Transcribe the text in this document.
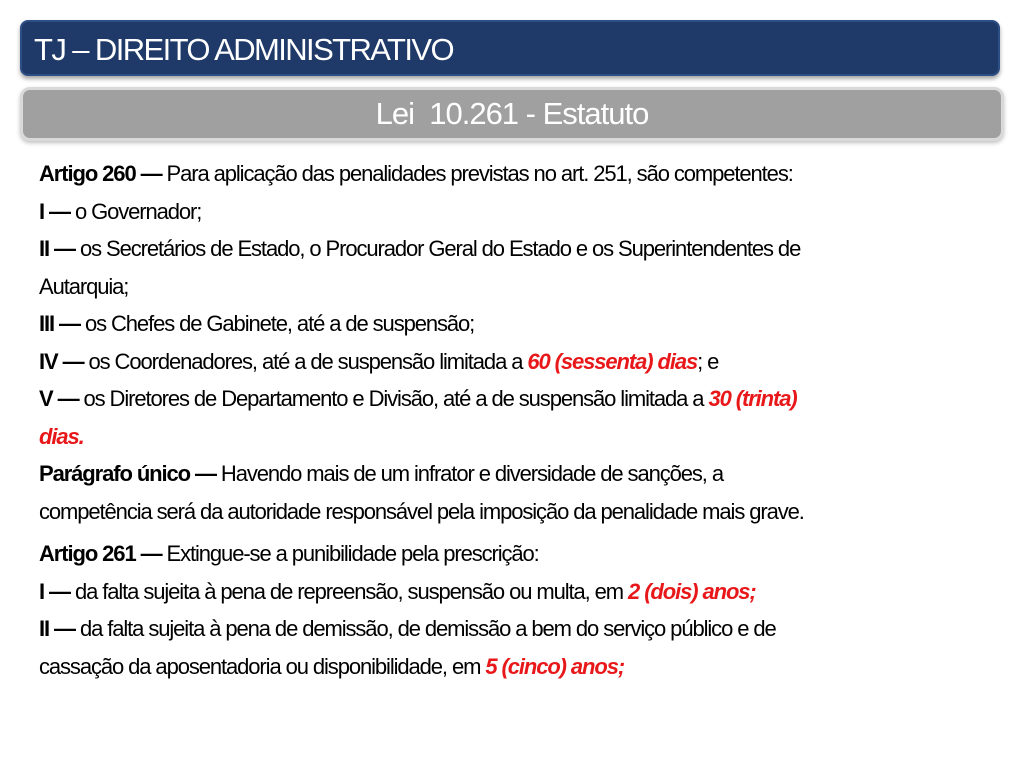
TJ – DIREITO ADMINISTRATIVO
Lei  10.261 - Estatuto

Artigo 260 — Para aplicação das penalidades previstas no art. 251, são competentes:
I — o Governador;
II — os Secretários de Estado, o Procurador Geral do Estado e os Superintendentes de
Autarquia;
III — os Chefes de Gabinete, até a de suspensão;
IV — os Coordenadores, até a de suspensão limitada a 60 (sessenta) dias; e
V — os Diretores de Departamento e Divisão, até a de suspensão limitada a 30 (trinta)
dias.
Parágrafo único — Havendo mais de um infrator e diversidade de sanções, a
competência será da autoridade responsável pela imposição da penalidade mais grave.

Artigo 261 — Extingue-se a punibilidade pela prescrição:
I — da falta sujeita à pena de repreensão, suspensão ou multa, em 2 (dois) anos;
II — da falta sujeita à pena de demissão, de demissão a bem do serviço público e de
cassação da aposentadoria ou disponibilidade, em 5 (cinco) anos;
